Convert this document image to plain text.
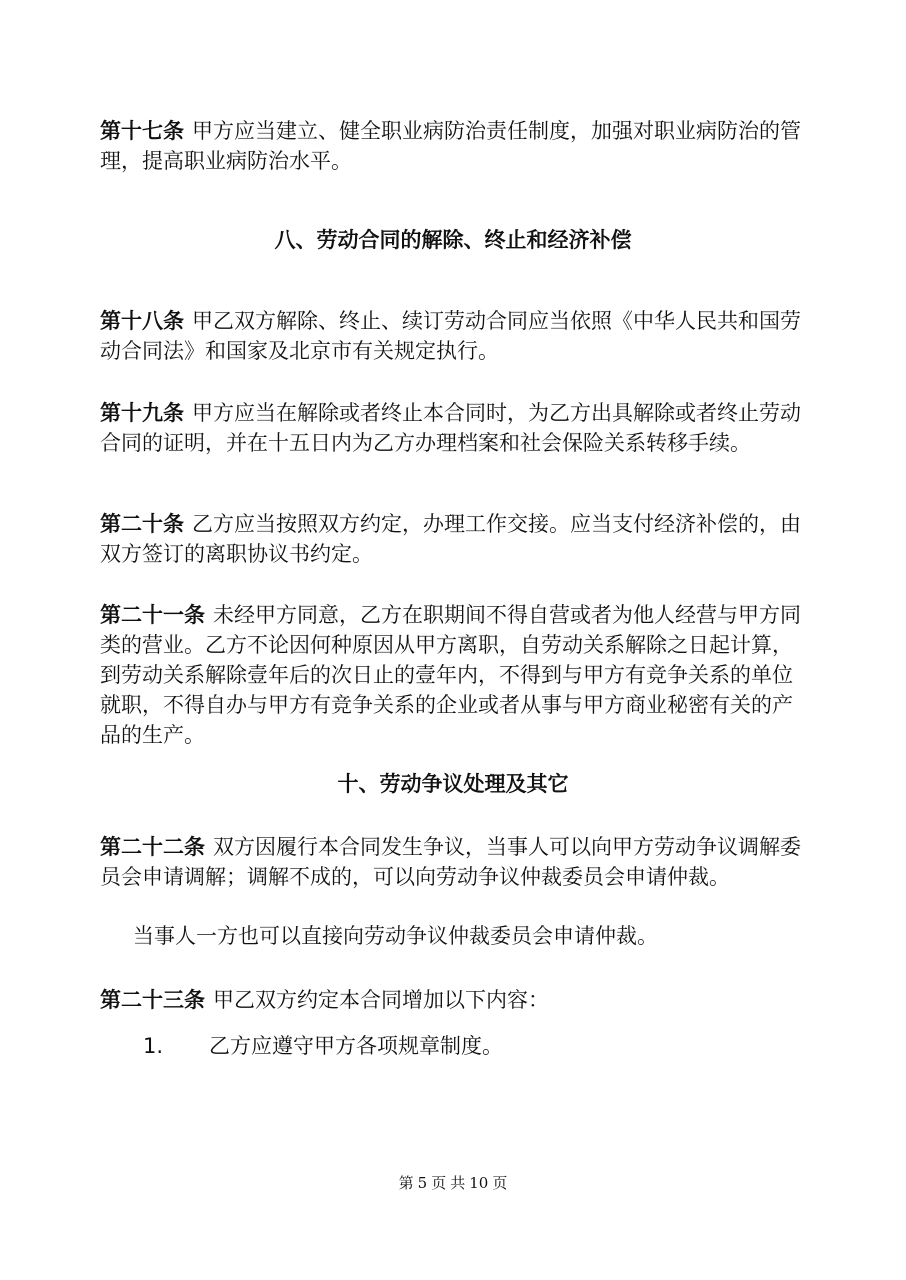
第十七条 甲方应当建立、健全职业病防治责任制度，加强对职业病防治的管理，提高职业病防治水平。

八、劳动合同的解除、终止和经济补偿

第十八条 甲乙双方解除、终止、续订劳动合同应当依照《中华人民共和国劳动合同法》和国家及北京市有关规定执行。

第十九条 甲方应当在解除或者终止本合同时，为乙方出具解除或者终止劳动合同的证明，并在十五日内为乙方办理档案和社会保险关系转移手续。

第二十条 乙方应当按照双方约定，办理工作交接。应当支付经济补偿的，由双方签订的离职协议书约定。

第二十一条 未经甲方同意，乙方在职期间不得自营或者为他人经营与甲方同类的营业。乙方不论因何种原因从甲方离职，自劳动关系解除之日起计算，到劳动关系解除壹年后的次日止的壹年内，不得到与甲方有竞争关系的单位就职，不得自办与甲方有竞争关系的企业或者从事与甲方商业秘密有关的产品的生产。

十、劳动争议处理及其它

第二十二条 双方因履行本合同发生争议，当事人可以向甲方劳动争议调解委员会申请调解；调解不成的，可以向劳动争议仲裁委员会申请仲裁。

当事人一方也可以直接向劳动争议仲裁委员会申请仲裁。

第二十三条 甲乙双方约定本合同增加以下内容：

1. 乙方应遵守甲方各项规章制度。
第 5 页 共 10 页
